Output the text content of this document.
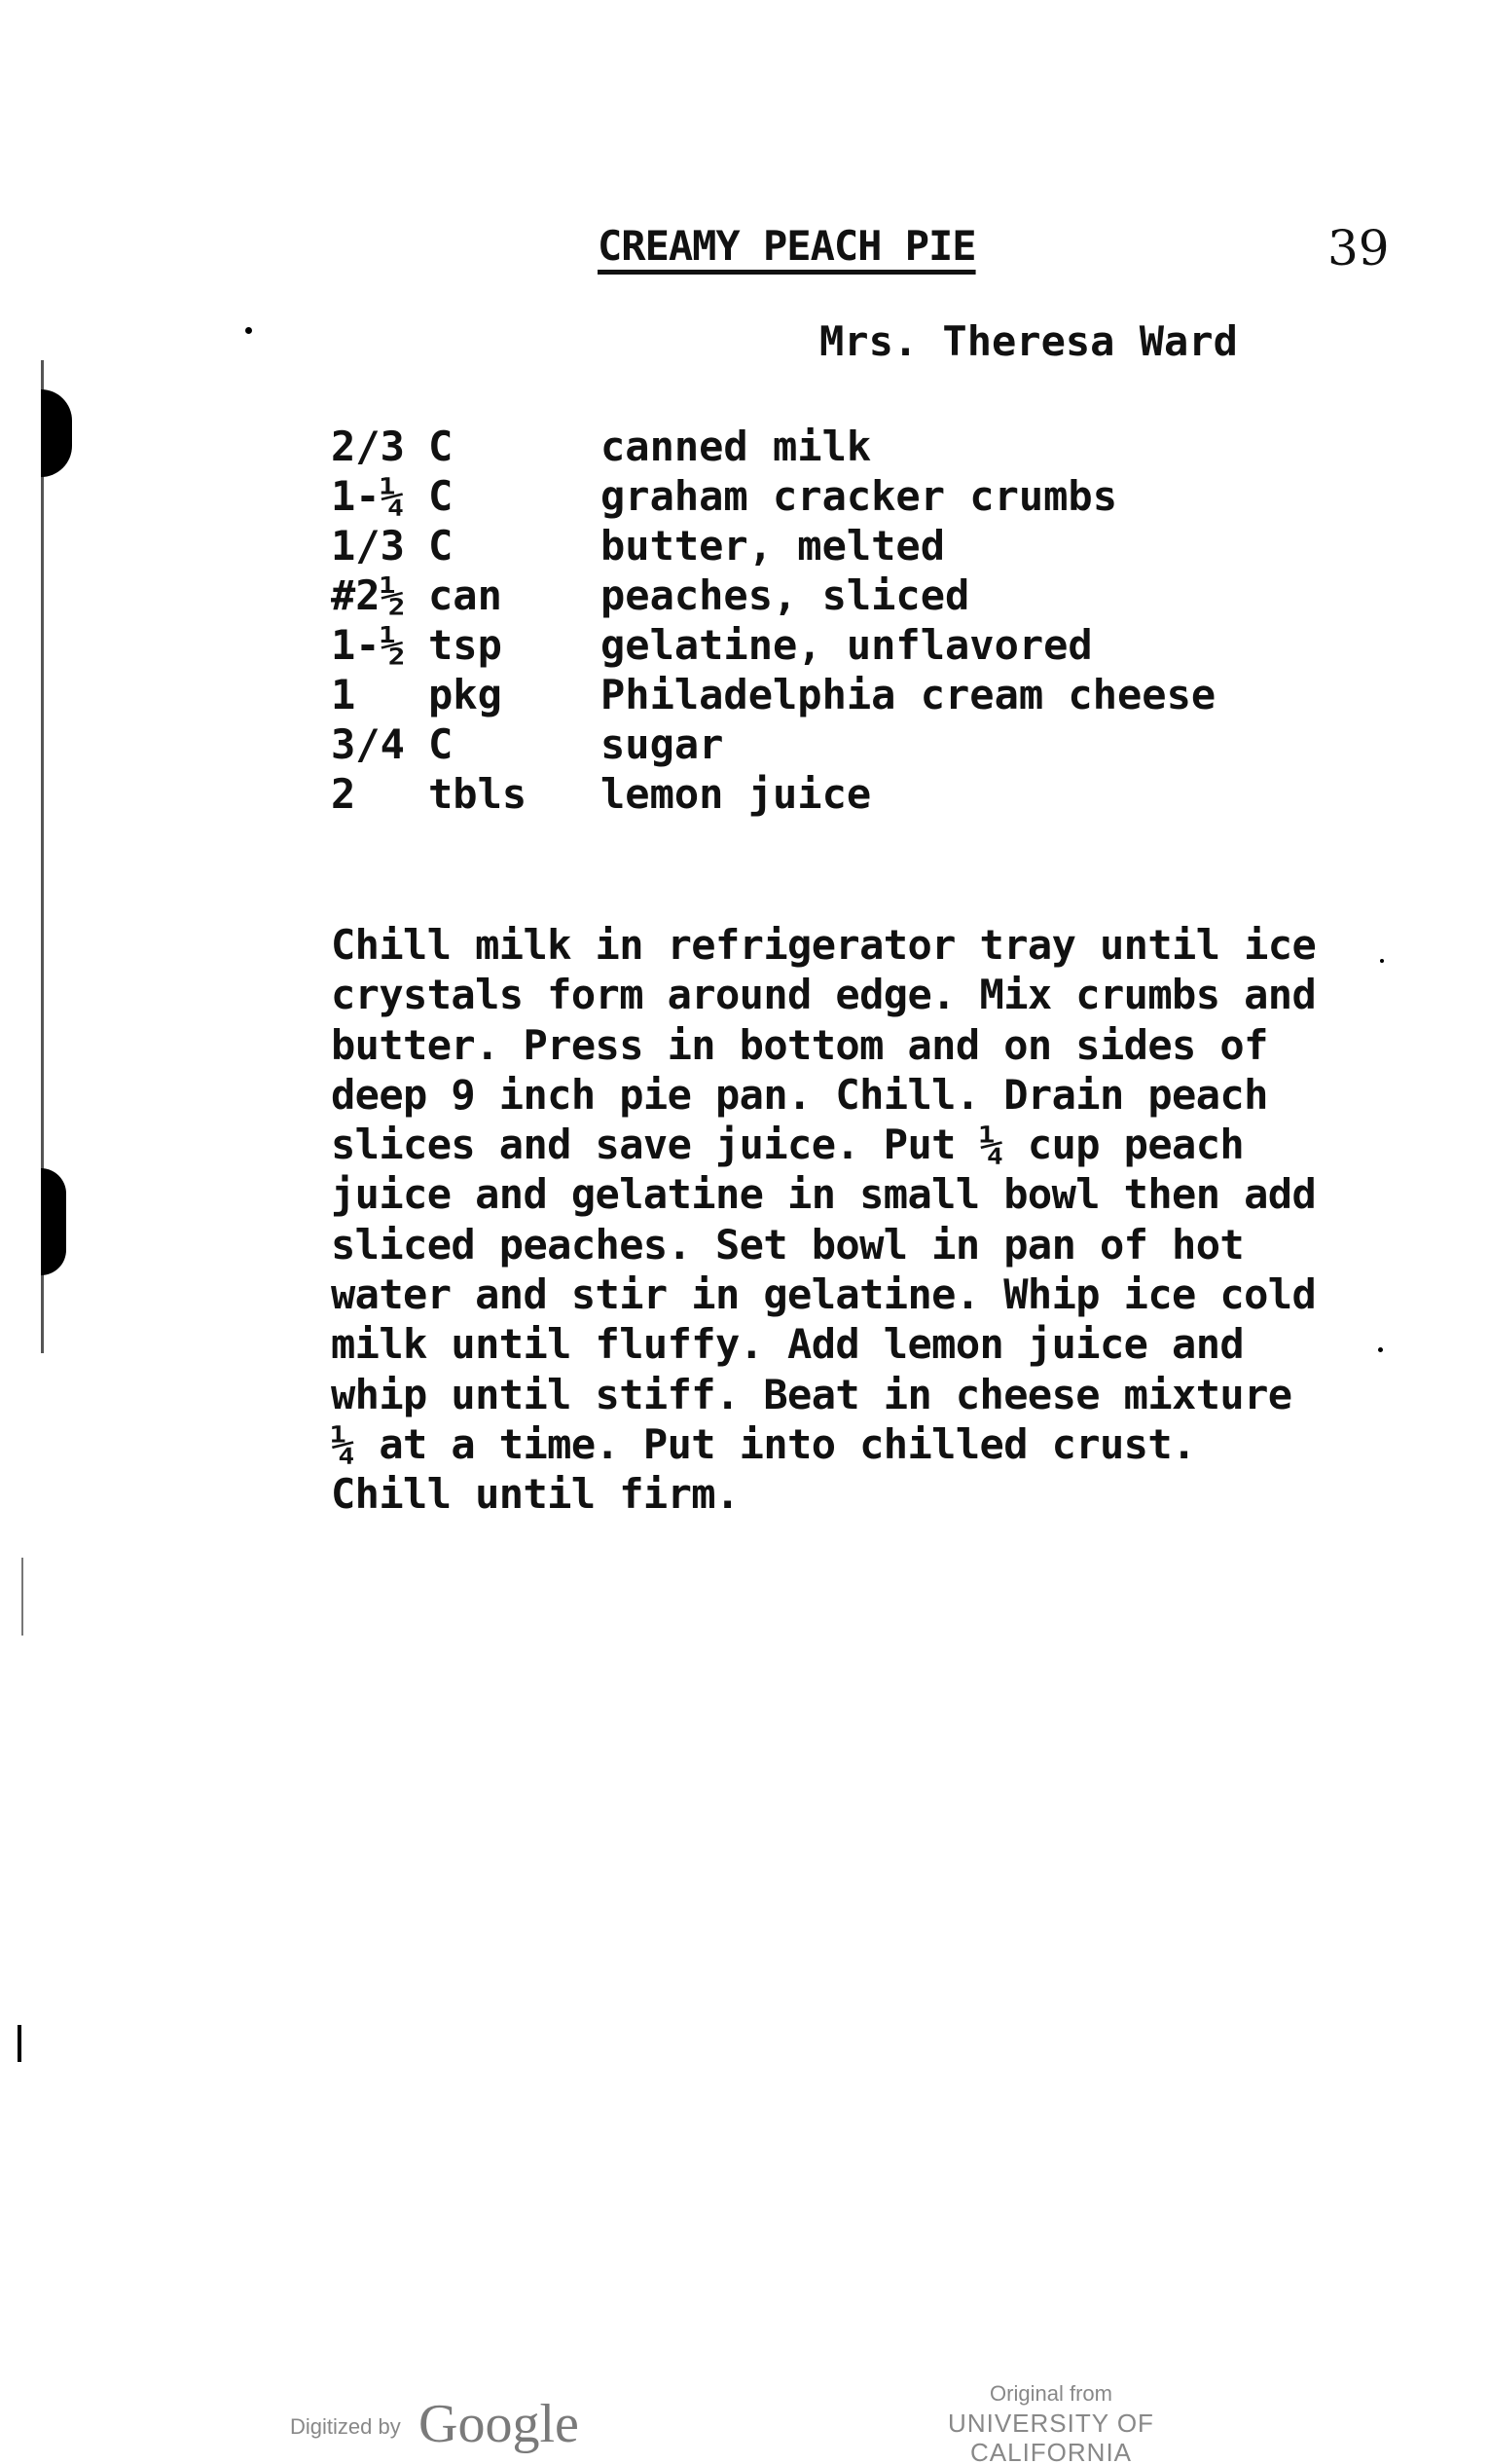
CREAMY PEACH PIE	39
Mrs. Theresa Ward
2/3 C	canned milk
1-¼ C	graham cracker crumbs
1/3 C	butter, melted
#2½ can peaches, sliced
1-½ tsp gelatine, unflavored
1 pkg Philadelphia cream cheese
3/4 C	sugar
2 tbls lemon juice
Chill milk in refrigerator tray until ice
crystals form around edge. Mix crumbs and
butter. Press in bottom and on sides of
deep 9 inch pie pan. Chill. Drain peach
slices and save juice. Put ¼ cup peach
juice and gelatine in small bowl then add
sliced peaches. Set bowl in pan of hot
water and stir in gelatine. Whip ice cold
milk until fluffy. Add lemon juice and
whip until stiff. Beat in cheese mixture
¼ at a time. Put into chilled crust.
Chill until firm.
Digitized by Google
Original from
UNIVERSITY OF CALIFORNIA
